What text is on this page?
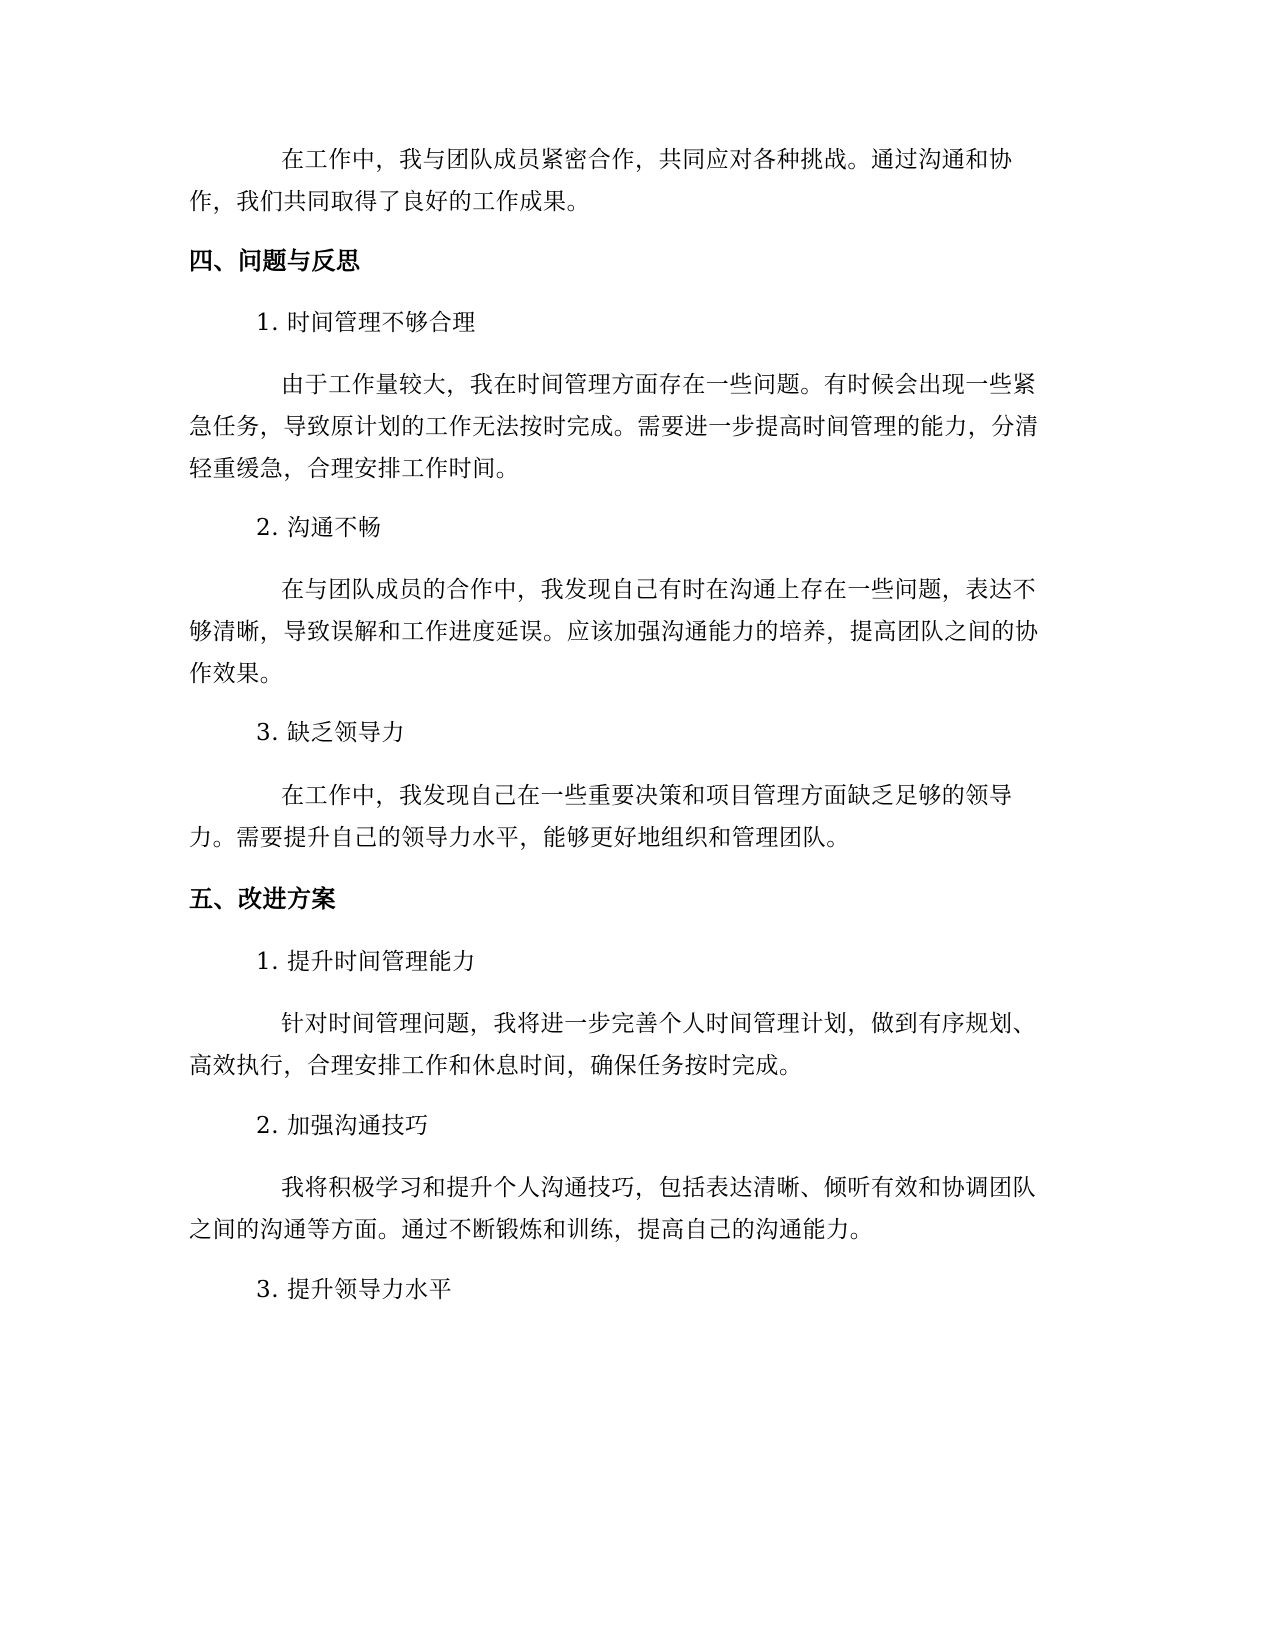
在工作中，我与团队成员紧密合作，共同应对各种挑战。通过沟通和协
作，我们共同取得了良好的工作成果。

四、问题与反思

1. 时间管理不够合理

由于工作量较大，我在时间管理方面存在一些问题。有时候会出现一些紧
急任务，导致原计划的工作无法按时完成。需要进一步提高时间管理的能力，分清
轻重缓急，合理安排工作时间。

2. 沟通不畅

在与团队成员的合作中，我发现自己有时在沟通上存在一些问题，表达不
够清晰，导致误解和工作进度延误。应该加强沟通能力的培养，提高团队之间的协
作效果。

3. 缺乏领导力

在工作中，我发现自己在一些重要决策和项目管理方面缺乏足够的领导
力。需要提升自己的领导力水平，能够更好地组织和管理团队。

五、改进方案

1. 提升时间管理能力

针对时间管理问题，我将进一步完善个人时间管理计划，做到有序规划、
高效执行，合理安排工作和休息时间，确保任务按时完成。

2. 加强沟通技巧

我将积极学习和提升个人沟通技巧，包括表达清晰、倾听有效和协调团队
之间的沟通等方面。通过不断锻炼和训练，提高自己的沟通能力。

3. 提升领导力水平
